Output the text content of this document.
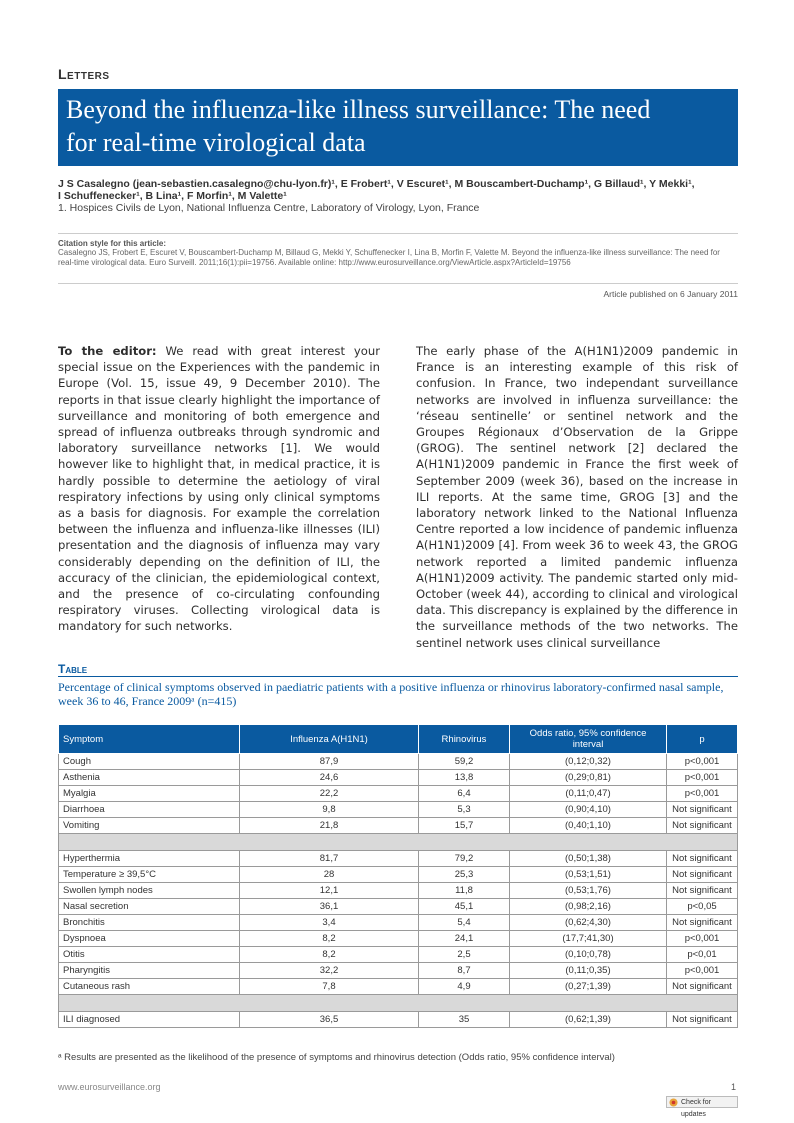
Letters
Beyond the influenza-like illness surveillance: The need
for real-time virological data
J S Casalegno (jean-sebastien.casalegno@chu-lyon.fr)¹, E Frobert¹, V Escuret¹, M Bouscambert-Duchamp¹, G Billaud¹, Y Mekki¹,
I Schuffenecker¹, B Lina¹, F Morfin¹, M Valette¹
1. Hospices Civils de Lyon, National Influenza Centre, Laboratory of Virology, Lyon, France
Citation style for this article:
Casalegno JS, Frobert E, Escuret V, Bouscambert-Duchamp M, Billaud G, Mekki Y, Schuffenecker I, Lina B, Morfin F, Valette M. Beyond the influenza-like illness surveillance: The need for real-time virological data. Euro Surveill. 2011;16(1):pii=19756. Available online: http://www.eurosurveillance.org/ViewArticle.aspx?ArticleId=19756
Article published on 6 January 2011
To the editor: We read with great interest your special issue on the Experiences with the pandemic in Europe (Vol. 15, issue 49, 9 December 2010). The reports in that issue clearly highlight the importance of surveillance and monitoring of both emergence and spread of influenza outbreaks through syndromic and laboratory surveillance networks [1]. We would however like to highlight that, in medical practice, it is hardly possible to determine the aetiology of viral respiratory infections by using only clinical symptoms as a basis for diagnosis. For example the correlation between the influenza and influenza-like illnesses (ILI) presentation and the diagnosis of influenza may vary considerably depending on the definition of ILI, the accuracy of the clinician, the epidemiological context, and the presence of co-circulating confounding respiratory viruses. Collecting virological data is mandatory for such networks.
The early phase of the A(H1N1)2009 pandemic in France is an interesting example of this risk of confusion. In France, two independant surveillance networks are involved in influenza surveillance: the ‘réseau sentinelle’ or sentinel network and the Groupes Régionaux d’Observation de la Grippe (GROG). The sentinel network [2] declared the A(H1N1)2009 pandemic in France the first week of September 2009 (week 36), based on the increase in ILI reports. At the same time, GROG [3] and the laboratory network linked to the National Influenza Centre reported a low incidence of pandemic influenza A(H1N1)2009 [4]. From week 36 to week 43, the GROG network reported a limited pandemic influenza A(H1N1)2009 activity. The pandemic started only mid-October (week 44), according to clinical and virological data. This discrepancy is explained by the difference in the surveillance methods of the two networks. The sentinel network uses clinical surveillance
Table
Percentage of clinical symptoms observed in paediatric patients with a positive influenza or rhinovirus laboratory-confirmed nasal sample, week 36 to 46, France 2009ᵃ (n=415)
Symptom	Influenza A(H1N1)	Rhinovirus	Odds ratio, 95% confidence interval	p
Cough	87,9	59,2	(0,12;0,32)	p<0,001
Asthenia	24,6	13,8	(0,29;0,81)	p<0,001
Myalgia	22,2	6,4	(0,11;0,47)	p<0,001
Diarrhoea	9,8	5,3	(0,90;4,10)	Not significant
Vomiting	21,8	15,7	(0,40;1,10)	Not significant

Hyperthermia	81,7	79,2	(0,50;1,38)	Not significant
Temperature ≥ 39,5°C	28	25,3	(0,53;1,51)	Not significant
Swollen lymph nodes	12,1	11,8	(0,53;1,76)	Not significant
Nasal secretion	36,1	45,1	(0,98;2,16)	p<0,05
Bronchitis	3,4	5,4	(0,62;4,30)	Not significant
Dyspnoea	8,2	24,1	(17,7;41,30)	p<0,001
Otitis	8,2	2,5	(0,10;0,78)	p<0,01
Pharyngitis	32,2	8,7	(0,11;0,35)	p<0,001
Cutaneous rash	7,8	4,9	(0,27;1,39)	Not significant

ILI diagnosed	36,5	35	(0,62;1,39)	Not significant
ᵃ Results are presented as the likelihood of the presence of symptoms and rhinovirus detection (Odds ratio, 95% confidence interval)
www.eurosurveillance.org	1
Check for updates
